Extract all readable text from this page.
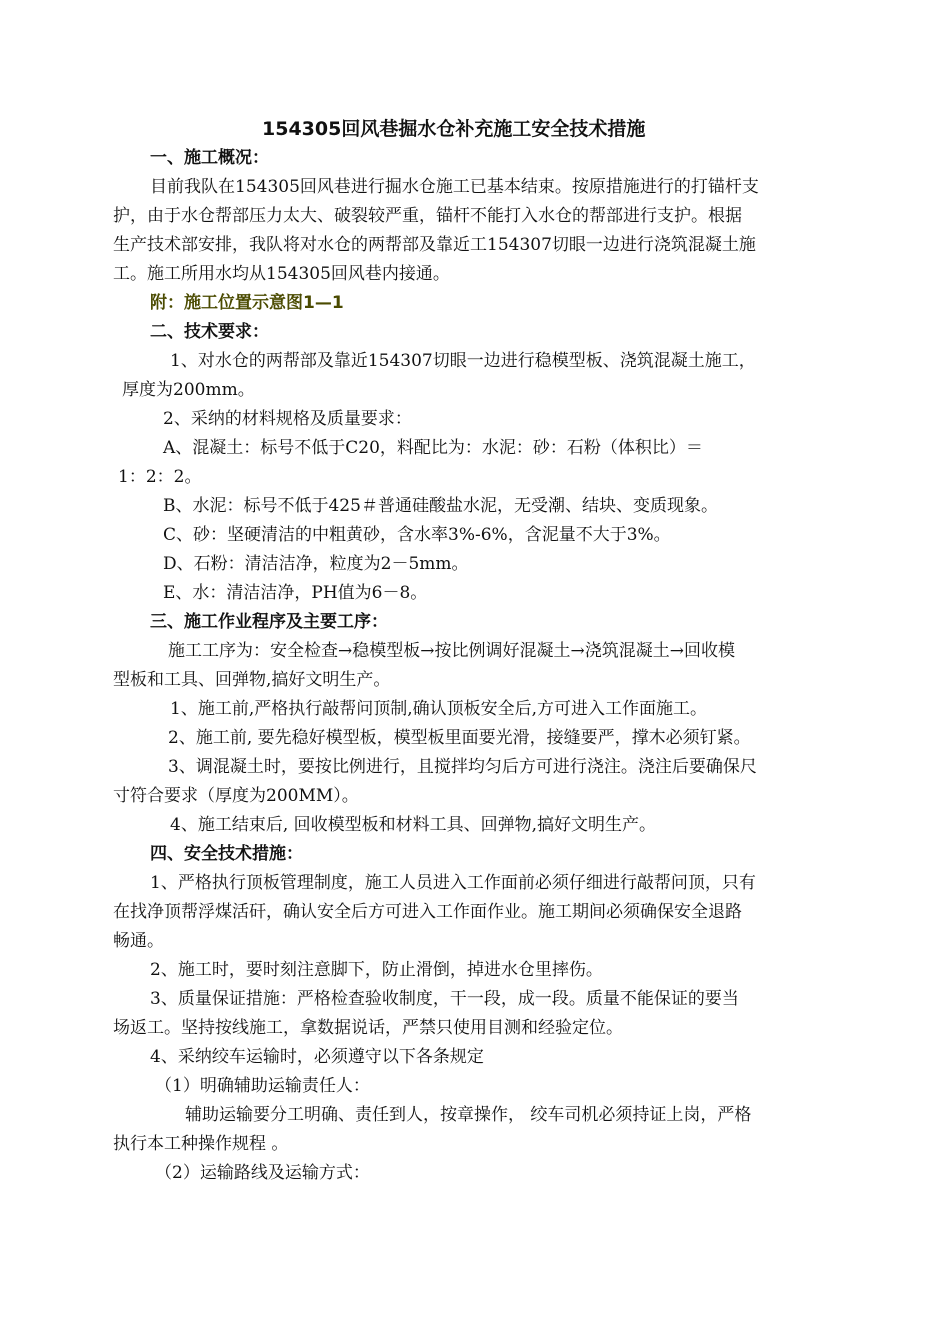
154305回风巷掘水仓补充施工安全技术措施
一、施工概况：
目前我队在154305回风巷进行掘水仓施工已基本结束。按原措施进行的打锚杆支
护，由于水仓帮部压力太大、破裂较严重，锚杆不能打入水仓的帮部进行支护。根据
生产技术部安排，我队将对水仓的两帮部及靠近工154307切眼一边进行浇筑混凝土施
工。施工所用水均从154305回风巷内接通。
附：施工位置示意图1—1
二、技术要求：
1、对水仓的两帮部及靠近154307切眼一边进行稳模型板、浇筑混凝土施工，
厚度为200mm。
2、采纳的材料规格及质量要求：
A、混凝土：标号不低于C20，料配比为：水泥：砂：石粉（体积比）＝
1：2：2。
B、水泥：标号不低于425＃普通硅酸盐水泥，无受潮、结块、变质现象。
C、砂：坚硬清洁的中粗黄砂，含水率3%-6%，含泥量不大于3%。
D、石粉：清洁洁净，粒度为2－5mm。
E、水：清洁洁净，PH值为6－8。
三、施工作业程序及主要工序：
施工工序为：安全检查→稳模型板→按比例调好混凝土→浇筑混凝土→回收模
型板和工具、回弹物,搞好文明生产。
1、施工前,严格执行敲帮问顶制,确认顶板安全后,方可进入工作面施工。
2、施工前, 要先稳好模型板，模型板里面要光滑，接缝要严，撑木必须钉紧。
3、调混凝土时，要按比例进行，且搅拌均匀后方可进行浇注。浇注后要确保尺
寸符合要求（厚度为200MM）。
4、施工结束后, 回收模型板和材料工具、回弹物,搞好文明生产。
四、安全技术措施：
1、严格执行顶板管理制度，施工人员进入工作面前必须仔细进行敲帮问顶，只有
在找净顶帮浮煤活矸，确认安全后方可进入工作面作业。施工期间必须确保安全退路
畅通。
2、施工时，要时刻注意脚下，防止滑倒，掉进水仓里摔伤。
3、质量保证措施：严格检查验收制度，干一段，成一段。质量不能保证的要当
场返工。坚持按线施工，拿数据说话，严禁只使用目测和经验定位。
4、采纳绞车运输时，必须遵守以下各条规定
（1）明确辅助运输责任人：
辅助运输要分工明确、责任到人，按章操作， 绞车司机必须持证上岗，严格
执行本工种操作规程 。
（2）运输路线及运输方式：
